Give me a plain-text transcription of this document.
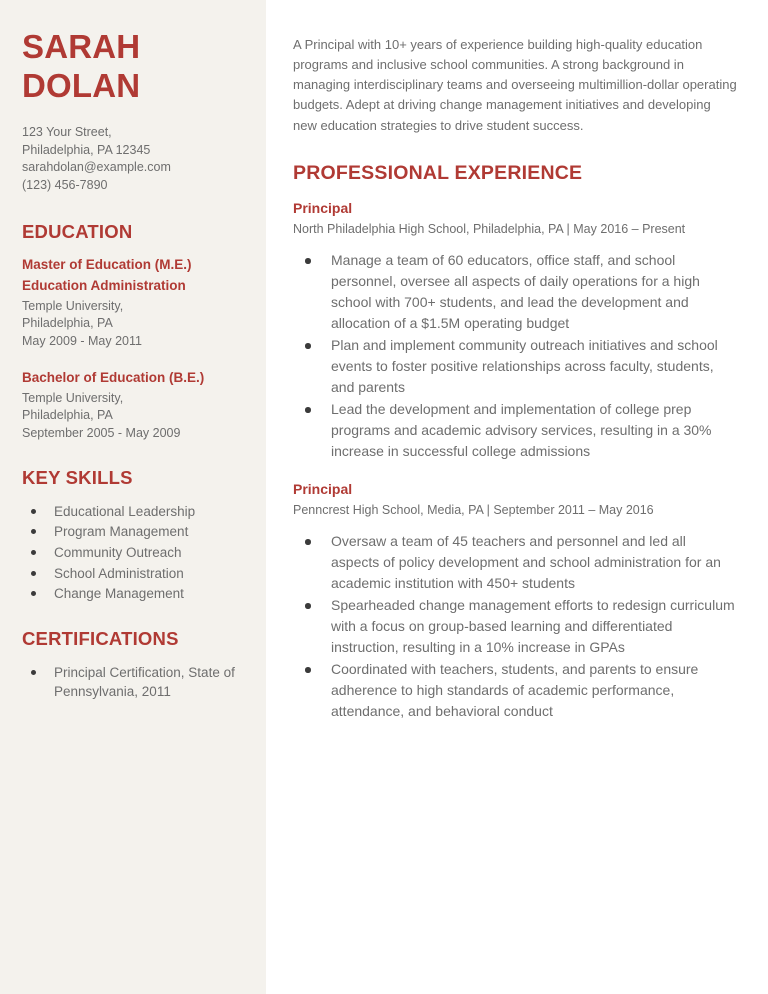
SARAH
DOLAN
123 Your Street,
Philadelphia, PA 12345
sarahdolan@example.com
(123) 456-7890
EDUCATION
Master of Education (M.E.)
Education Administration
Temple University,
Philadelphia, PA
May 2009 - May 2011
Bachelor of Education (B.E.)
Temple University,
Philadelphia, PA
September 2005 - May 2009
KEY SKILLS
Educational Leadership
Program Management
Community Outreach
School Administration
Change Management
CERTIFICATIONS
Principal Certification, State of Pennsylvania, 2011

A Principal with 10+ years of experience building high-quality education programs and inclusive school communities. A strong background in managing interdisciplinary teams and overseeing multimillion-dollar operating budgets. Adept at driving change management initiatives and developing new education strategies to drive student success.

PROFESSIONAL EXPERIENCE
Principal
North Philadelphia High School, Philadelphia, PA | May 2016 – Present
Manage a team of 60 educators, office staff, and school personnel, oversee all aspects of daily operations for a high school with 700+ students, and lead the development and allocation of a $1.5M operating budget
Plan and implement community outreach initiatives and school events to foster positive relationships across faculty, students, and parents
Lead the development and implementation of college prep programs and academic advisory services, resulting in a 30% increase in successful college admissions
Principal
Penncrest High School, Media, PA | September 2011 – May 2016
Oversaw a team of 45 teachers and personnel and led all aspects of policy development and school administration for an academic institution with 450+ students
Spearheaded change management efforts to redesign curriculum with a focus on group-based learning and differentiated instruction, resulting in a 10% increase in GPAs
Coordinated with teachers, students, and parents to ensure adherence to high standards of academic performance, attendance, and behavioral conduct
